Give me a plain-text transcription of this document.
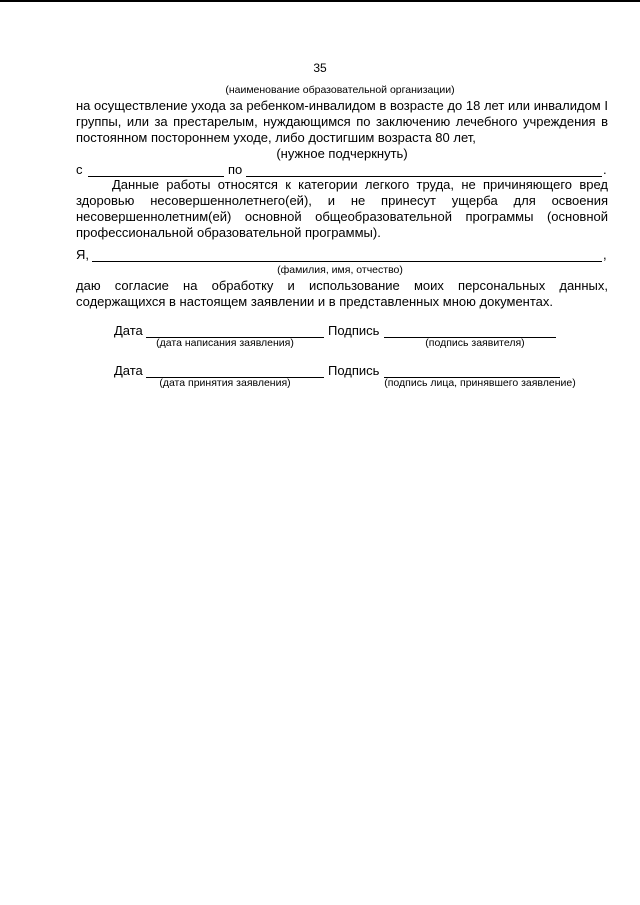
35
(наименование образовательной организации)
на осуществление ухода за ребенком-инвалидом в возрасте до 18 лет или инвалидом I
группы, или за престарелым, нуждающимся по заключению лечебного учреждения в
постоянном постороннем уходе, либо достигшим возраста 80 лет,
(нужное подчеркнуть)
с	по	.
Данные работы относятся к категории легкого труда, не причиняющего вред
здоровью несовершеннолетнего(ей), и не принесут ущерба для освоения
несовершеннолетним(ей) основной общеобразовательной программы (основной
профессиональной образовательной программы).
Я,	,
(фамилия, имя, отчество)
даю согласие на обработку и использование моих персональных данных,
содержащихся в настоящем заявлении и в представленных мною документах.
Дата	Подпись
(дата написания заявления)	(подпись заявителя)
Дата	Подпись
(дата принятия заявления)	(подпись лица, принявшего заявление)
